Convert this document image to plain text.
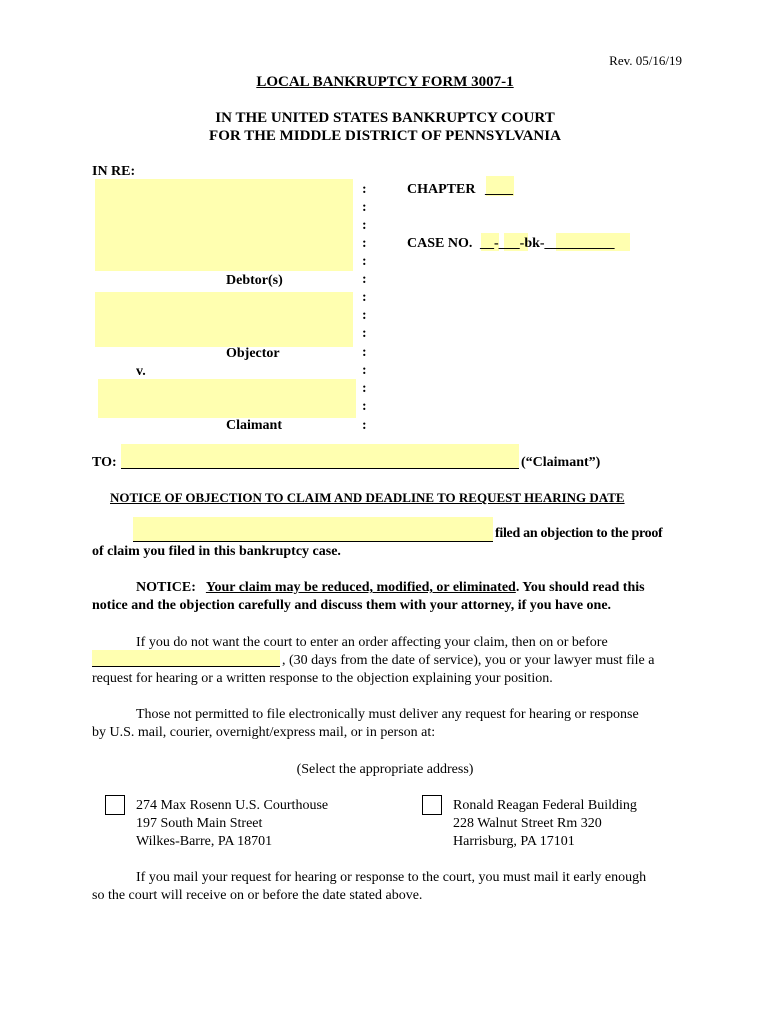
Rev. 05/16/19
LOCAL BANKRUPTCY FORM 3007-1
IN THE UNITED STATES BANKRUPTCY COURT
FOR THE MIDDLE DISTRICT OF PENNSYLVANIA
IN RE:
Debtor(s)
Objector
v.
Claimant
:
:
:
:
:
:
:
:
:
:
:
:
:
:
CHAPTER ____
CASE NO. __-___-bk-__________
TO:	(“Claimant”)
NOTICE OF OBJECTION TO CLAIM AND DEADLINE TO REQUEST HEARING DATE
filed an objection to the proof
of claim you filed in this bankruptcy case.
NOTICE: Your claim may be reduced, modified, or eliminated. You should read this
notice and the objection carefully and discuss them with your attorney, if you have one.
If you do not want the court to enter an order affecting your claim, then on or before
, (30 days from the date of service), you or your lawyer must file a
request for hearing or a written response to the objection explaining your position.
Those not permitted to file electronically must deliver any request for hearing or response
by U.S. mail, courier, overnight/express mail, or in person at:
(Select the appropriate address)
274 Max Rosenn U.S. Courthouse
197 South Main Street
Wilkes-Barre, PA 18701
Ronald Reagan Federal Building
228 Walnut Street Rm 320
Harrisburg, PA 17101
If you mail your request for hearing or response to the court, you must mail it early enough
so the court will receive on or before the date stated above.
